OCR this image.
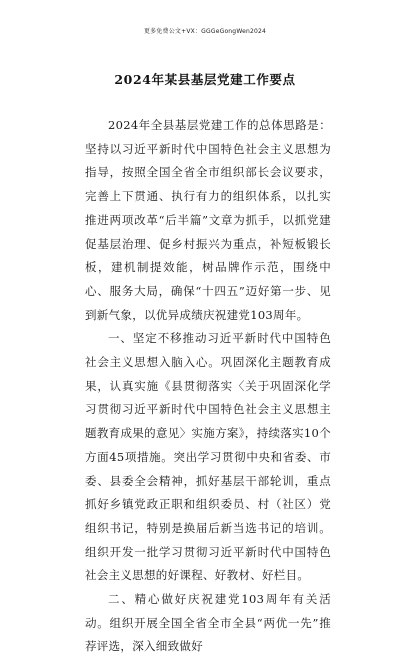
更多免费公文+VX：GGGeGongWen2024
2024年某县基层党建工作要点

2024年全县基层党建工作的总体思路是：坚持以习近平新时代中国特色社会主义思想为指导，按照全国全省全市组织部长会议要求，完善上下贯通、执行有力的组织体系，以扎实推进两项改革“后半篇”文章为抓手，以抓党建促基层治理、促乡村振兴为重点，补短板锻长板，建机制提效能，树品牌作示范，围绕中心、服务大局，确保“十四五”迈好第一步、见到新气象，以优异成绩庆祝建党103周年。

一、坚定不移推动习近平新时代中国特色社会主义思想入脑入心。巩固深化主题教育成果，认真实施《县贯彻落实〈关于巩固深化学习贯彻习近平新时代中国特色社会主义思想主题教育成果的意见〉实施方案》，持续落实10个方面45项措施。突出学习贯彻中央和省委、市委、县委全会精神，抓好基层干部轮训，重点抓好乡镇党政正职和组织委员、村（社区）党组织书记，特别是换届后新当选书记的培训。组织开发一批学习贯彻习近平新时代中国特色社会主义思想的好课程、好教材、好栏目。

二、精心做好庆祝建党103周年有关活动。组织开展全国全省全市全县“两优一先”推荐评选，深入细致做好
